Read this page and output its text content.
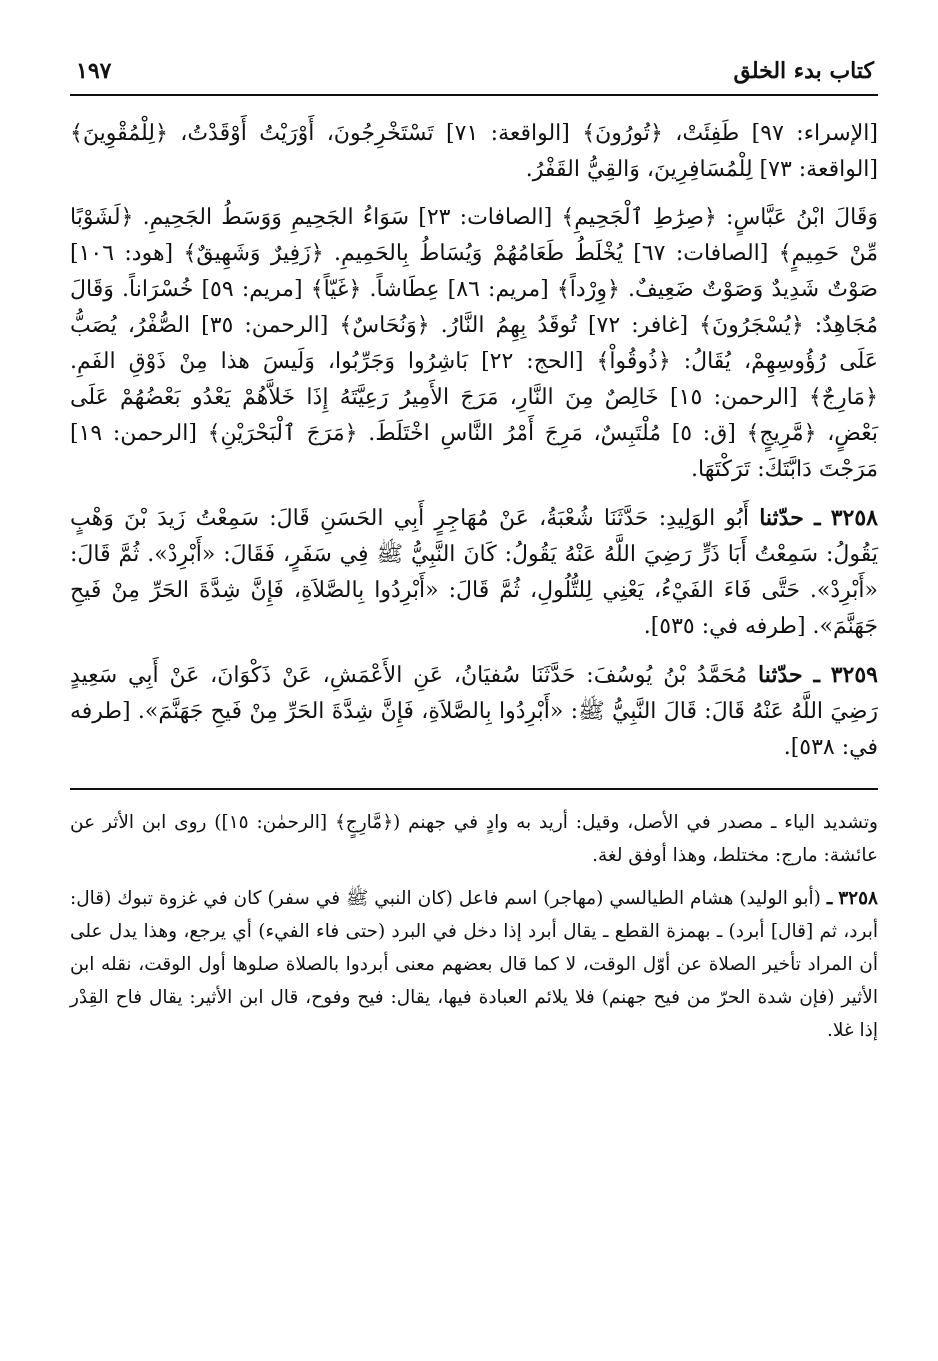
كتاب بدء الخلق
١٩٧

[الإسراء: ٩٧] طَفِئَتْ، ﴿تُورُونَ﴾ [الواقعة: ٧١] تَسْتَخْرِجُونَ، أَوْرَيْتُ أَوْقَدْتُ، ﴿لِلْمُقْوِينَ﴾ [الواقعة: ٧٣] لِلْمُسَافِرِينَ، وَالقِيُّ القَفْرُ.

وَقَالَ ابْنُ عَبَّاسٍ: ﴿صِرَٰطِ ٱلْجَحِيمِ﴾ [الصافات: ٢٣] سَوَاءُ الجَحِيمِ وَوَسَطُ الجَحِيمِ. ﴿لَشَوْبًا مِّنْ حَمِيمٍ﴾ [الصافات: ٦٧] يُخْلَطُ طَعَامُهُمْ وَيُسَاطُ بِالحَمِيمِ. ﴿زَفِيرٌ وَشَهِيقٌ﴾ [هود: ١٠٦] صَوْتٌ شَدِيدٌ وَصَوْتٌ ضَعِيفٌ. ﴿وِرْداً﴾ [مريم: ٨٦] عِطَاشاً. ﴿غَيّاً﴾ [مريم: ٥٩] خُسْرَاناً. وَقَالَ مُجَاهِدٌ: ﴿يُسْجَرُونَ﴾ [غافر: ٧٢] تُوقَدُ بِهِمُ النَّارُ. ﴿وَنُحَاسٌ﴾ [الرحمن: ٣٥] الصُّفْرُ، يُصَبُّ عَلَى رُؤُوسِهِمْ، يُقَالُ: ﴿ذُوقُواْ﴾ [الحج: ٢٢] بَاشِرُوا وَجَرِّبُوا، وَلَيسَ هذا مِنْ ذَوْقِ الفَمِ. ﴿مَارِجٌ﴾ [الرحمن: ١٥] خَالِصٌ مِنَ النَّارِ، مَرَجَ الأَمِيرُ رَعِيَّتَهُ إِذَا خَلاَّهُمْ يَعْدُو بَعْضُهُمْ عَلَى بَعْضٍ، ﴿مَّرِيجٍ﴾ [ق: ٥] مُلْتَبِسٌ، مَرِجَ أَمْرُ النَّاسِ اخْتَلَطَ. ﴿مَرَجَ ٱلْبَحْرَيْنِ﴾ [الرحمن: ١٩] مَرَجْتَ دَابَّتَكَ: تَرَكْتَهَا.

٣٢٥٨ ـ حدّثنا أَبُو الوَلِيدِ: حَدَّثَنَا شُعْبَةُ، عَنْ مُهَاجِرٍ أَبِي الحَسَنِ قَالَ: سَمِعْتُ زَيدَ بْنَ وَهْبٍ يَقُولُ: سَمِعْتُ أَبَا ذَرٍّ رَضِيَ اللَّهُ عَنْهُ يَقُولُ: كَانَ النَّبِيُّ ﷺ فِي سَفَرٍ، فَقَالَ: «أَبْرِدْ». ثُمَّ قَالَ: «أَبْرِدْ». حَتَّى فَاءَ الفَيْءُ، يَعْنِي لِلتُّلُولِ، ثُمَّ قَالَ: «أَبْرِدُوا بِالصَّلاَةِ، فَإِنَّ شِدَّةَ الحَرِّ مِنْ فَيحِ جَهَنَّمَ». [طرفه في: ٥٣٥].

٣٢٥٩ ـ حدّثنا مُحَمَّدُ بْنُ يُوسُفَ: حَدَّثَنَا سُفيَانُ، عَنِ الأَعْمَشِ، عَنْ ذَكْوَانَ، عَنْ أَبِي سَعِيدٍ رَضِيَ اللَّهُ عَنْهُ قَالَ: قَالَ النَّبِيُّ ﷺ: «أَبْرِدُوا بِالصَّلاَةِ، فَإِنَّ شِدَّةَ الحَرِّ مِنْ فَيحِ جَهَنَّمَ». [طرفه في: ٥٣٨].

وتشديد الياء ـ مصدر في الأصل، وقيل: أريد به وادٍ في جهنم (﴿مَّارِجٍ﴾ [الرحمٰن: ١٥]) روى ابن الأثر عن عائشة: مارج: مختلط، وهذا أوفق لغة.

٣٢٥٨ ـ (أبو الوليد) هشام الطيالسي (مهاجر) اسم فاعل (كان النبي ﷺ في سفر) كان في غزوة تبوك (قال: أبرد، ثم [قال] أبرد) ـ بهمزة القطع ـ يقال أبرد إذا دخل في البرد (حتى فاء الفيء) أي يرجع، وهذا يدل على أن المراد تأخير الصلاة عن أوّل الوقت، لا كما قال بعضهم معنى أبردوا بالصلاة صلوها أول الوقت، نقله ابن الأثير (فإن شدة الحرّ من فيح جهنم) فلا يلائم العبادة فيها، يقال: فيح وفوح، قال ابن الأثير: يقال فاح القِدْر إذا غلا.
